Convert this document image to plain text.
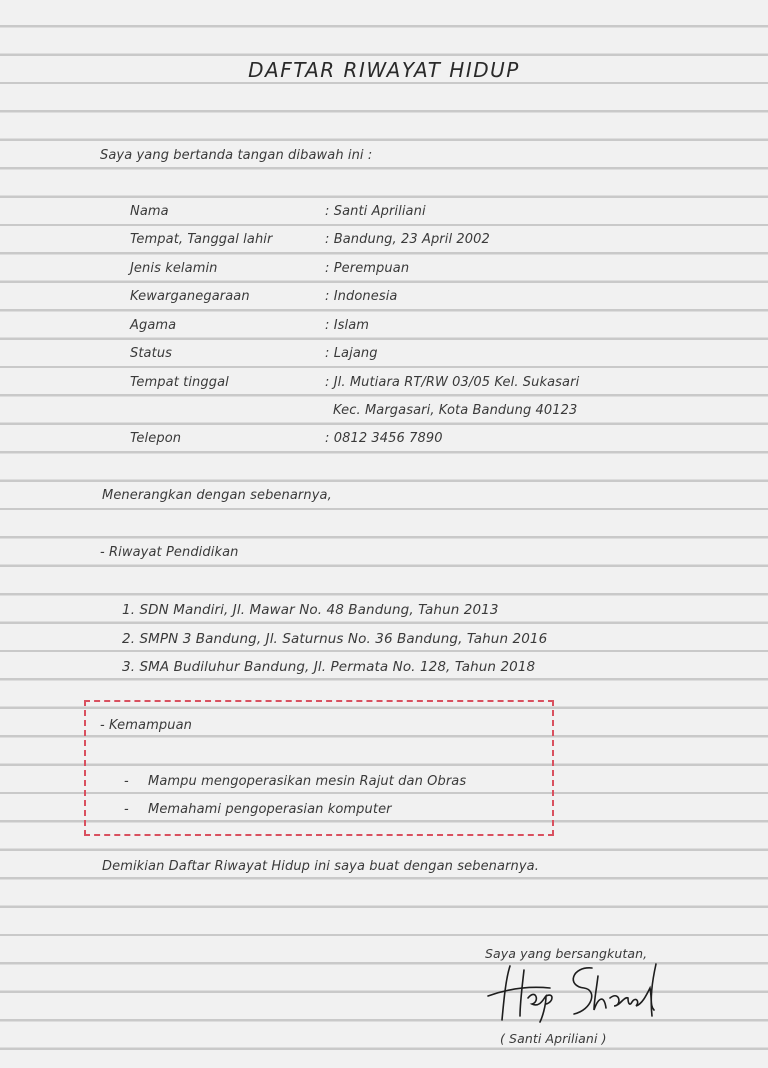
DAFTAR RIWAYAT HIDUP
Saya yang bertanda tangan dibawah ini :
Nama	: Santi Apriliani
Tempat, Tanggal lahir	: Bandung, 23 April 2002
Jenis kelamin	: Perempuan
Kewarganegaraan	: Indonesia
Agama	: Islam
Status	: Lajang
Tempat tinggal	: Jl. Mutiara RT/RW 03/05 Kel. Sukasari
Kec. Margasari, Kota Bandung 40123
Telepon	: 0812 3456 7890
Menerangkan dengan sebenarnya,
- Riwayat Pendidikan
1. SDN Mandiri, Jl. Mawar No. 48 Bandung, Tahun 2013
2. SMPN 3 Bandung, Jl. Saturnus No. 36 Bandung, Tahun 2016
3. SMA Budiluhur Bandung, Jl. Permata No. 128, Tahun 2018
- Kemampuan
- Mampu mengoperasikan mesin Rajut dan Obras
- Memahami pengoperasian komputer
Demikian Daftar Riwayat Hidup ini saya buat dengan sebenarnya.
Saya yang bersangkutan,
( Santi Apriliani )
